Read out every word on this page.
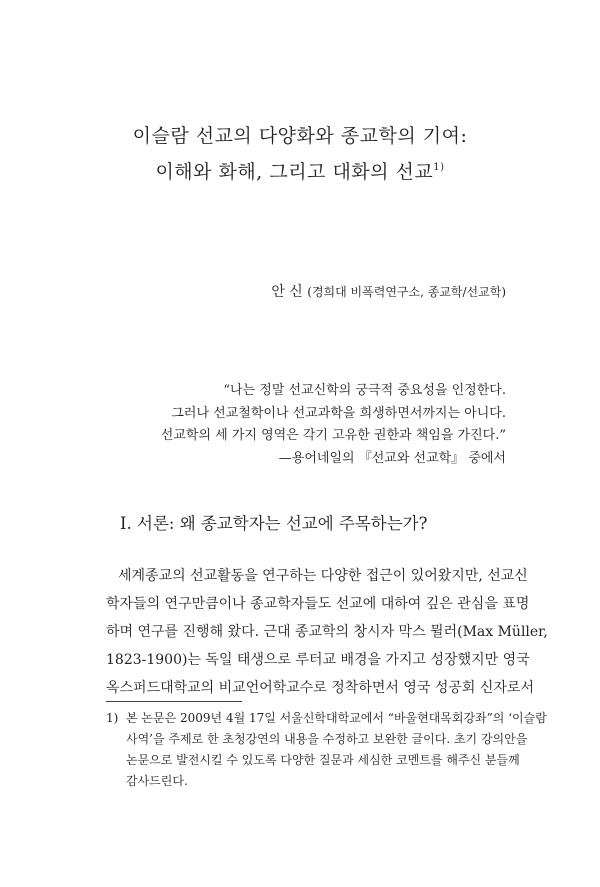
이슬람 선교의 다양화와 종교학의 기여:
이해와 화해, 그리고 대화의 선교$^{1)}$
안 신 (경희대 비폭력연구소, 종교학/선교학)
“나는 정말 선교신학의 궁극적 중요성을 인정한다.
그러나 선교철학이나 선교과학을 희생하면서까지는 아니다.
선교학의 세 가지 영역은 각기 고유한 권한과 책임을 가진다.”
—용어네일의 『선교와 선교학』 중에서
I. 서론: 왜 종교학자는 선교에 주목하는가?
세계종교의 선교활동을 연구하는 다양한 접근이 있어왔지만, 선교신
학자들의 연구만큼이나 종교학자들도 선교에 대하여 깊은 관심을 표명
하며 연구를 진행해 왔다. 근대 종교학의 창시자 막스 뮐러(Max Müller,
1823-1900)는 독일 태생으로 루터교 배경을 가지고 성장했지만 영국
옥스퍼드대학교의 비교언어학교수로 정착하면서 영국 성공회 신자로서
1) 본 논문은 2009년 4월 17일 서울신학대학교에서 “바울현대목회강좌”의 ‘이슬람
사역’을 주제로 한 초청강연의 내용을 수정하고 보완한 글이다. 초기 강의안을
논문으로 발전시킬 수 있도록 다양한 질문과 세심한 코멘트를 해주신 분들께
감사드린다.
